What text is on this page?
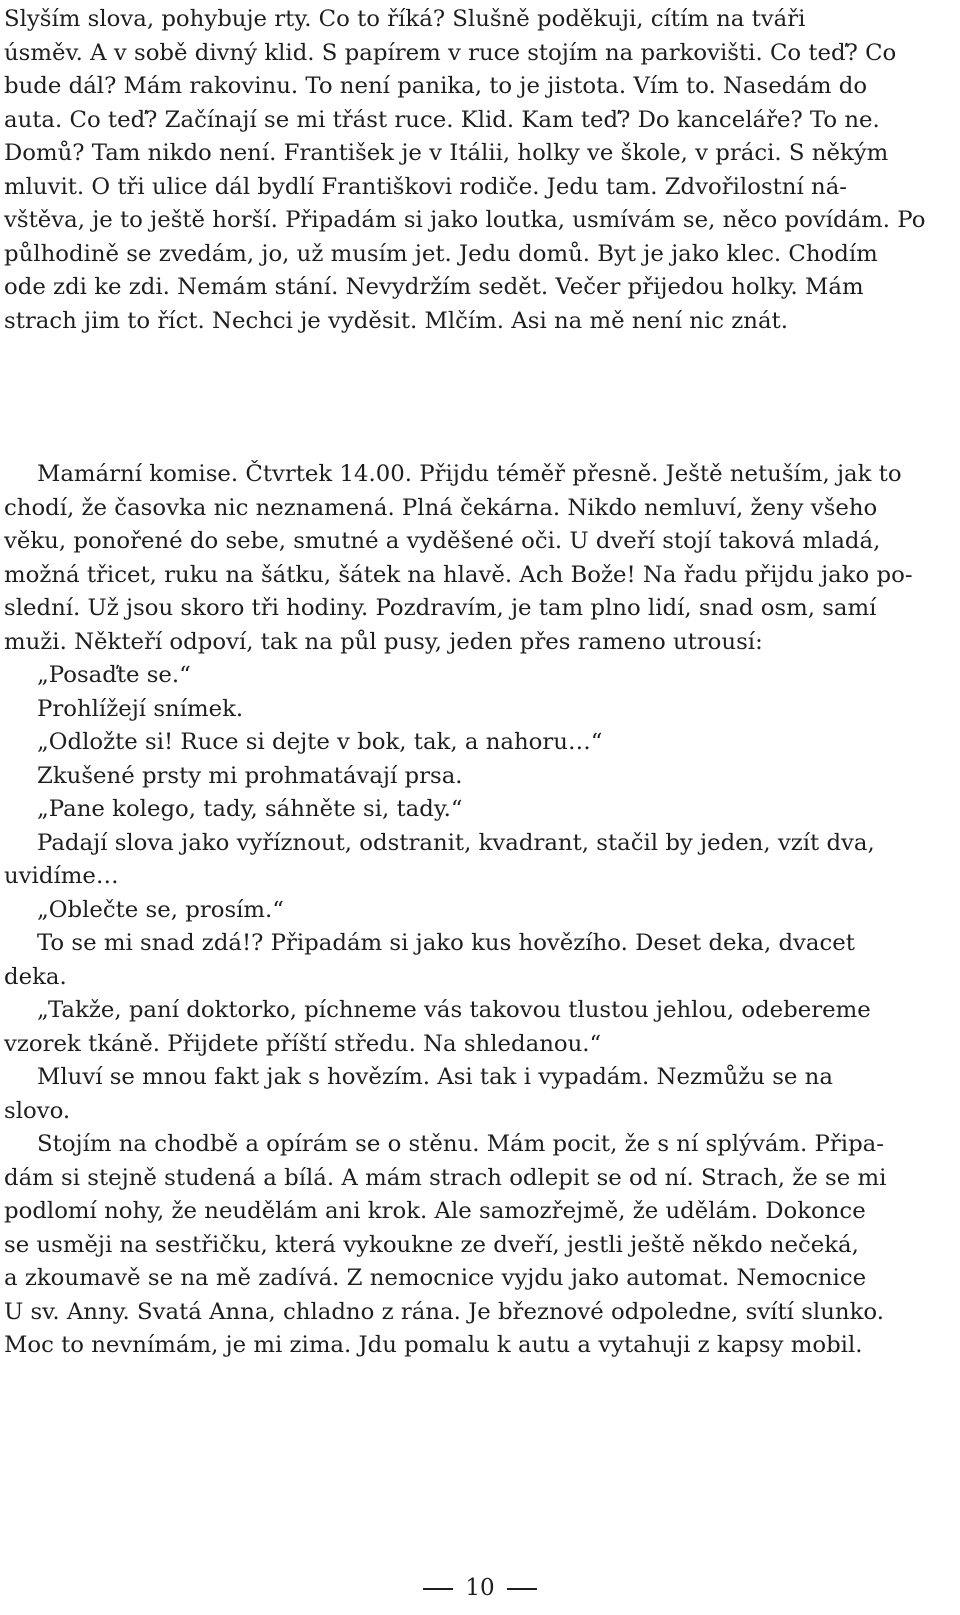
Slyším slova, pohybuje rty. Co to říká? Slušně poděkuji, cítím na tváři
úsměv. A v sobě divný klid. S papírem v ruce stojím na parkovišti. Co teď? Co
bude dál? Mám rakovinu. To není panika, to je jistota. Vím to. Nasedám do
auta. Co teď? Začínají se mi třást ruce. Klid. Kam teď? Do kanceláře? To ne.
Domů? Tam nikdo není. František je v Itálii, holky ve škole, v práci. S někým
mluvit. O tři ulice dál bydlí Františkovi rodiče. Jedu tam. Zdvořilostní ná-
vštěva, je to ještě horší. Připadám si jako loutka, usmívám se, něco povídám. Po
půlhodině se zvedám, jo, už musím jet. Jedu domů. Byt je jako klec. Chodím
ode zdi ke zdi. Nemám stání. Nevydržím sedět. Večer přijedou holky. Mám
strach jim to říct. Nechci je vyděsit. Mlčím. Asi na mě není nic znát.
Mamární komise. Čtvrtek 14.00. Přijdu téměř přesně. Ještě netuším, jak to
chodí, že časovka nic neznamená. Plná čekárna. Nikdo nemluví, ženy všeho
věku, ponořené do sebe, smutné a vyděšené oči. U dveří stojí taková mladá,
možná třicet, ruku na šátku, šátek na hlavě. Ach Bože! Na řadu přijdu jako po-
slední. Už jsou skoro tři hodiny. Pozdravím, je tam plno lidí, snad osm, samí
muži. Někteří odpoví, tak na půl pusy, jeden přes rameno utrousí:
„Posaďte se.“
Prohlížejí snímek.
„Odložte si! Ruce si dejte v bok, tak, a nahoru…“
Zkušené prsty mi prohmatávají prsa.
„Pane kolego, tady, sáhněte si, tady.“
Padají slova jako vyříznout, odstranit, kvadrant, stačil by jeden, vzít dva,
uvidíme…
„Oblečte se, prosím.“
To se mi snad zdá!? Připadám si jako kus hovězího. Deset deka, dvacet
deka.
„Takže, paní doktorko, píchneme vás takovou tlustou jehlou, odebereme
vzorek tkáně. Přijdete příští středu. Na shledanou.“
Mluví se mnou fakt jak s hovězím. Asi tak i vypadám. Nezmůžu se na
slovo.
Stojím na chodbě a opírám se o stěnu. Mám pocit, že s ní splývám. Připa-
dám si stejně studená a bílá. A mám strach odlepit se od ní. Strach, že se mi
podlomí nohy, že neudělám ani krok. Ale samozřejmě, že udělám. Dokonce
se usměji na sestřičku, která vykoukne ze dveří, jestli ještě někdo nečeká,
a zkoumavě se na mě zadívá. Z nemocnice vyjdu jako automat. Nemocnice
U sv. Anny. Svatá Anna, chladno z rána. Je březnové odpoledne, svítí slunko.
Moc to nevnímám, je mi zima. Jdu pomalu k autu a vytahuji z kapsy mobil.
10
